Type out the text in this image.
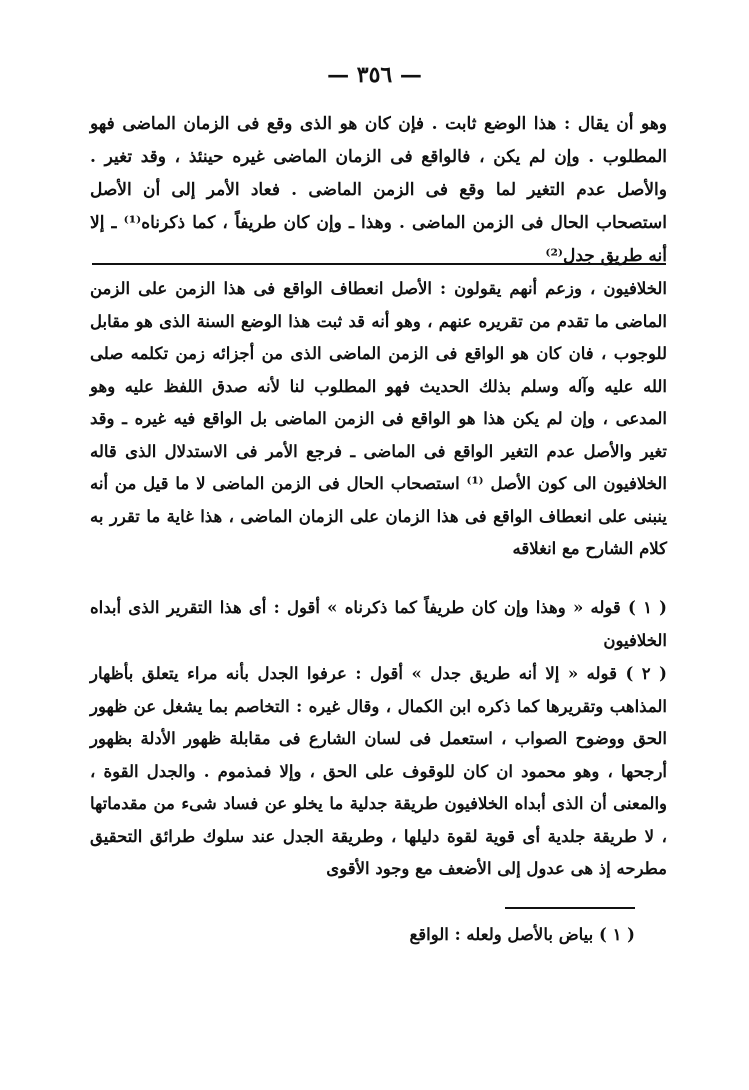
— ٣٥٦ —

وهو أن يقال : هذا الوضع ثابت . فإن كان هو الذى وقع فى الزمان الماضى فهو المطلوب . وإن لم يكن ، فالواقع فى الزمان الماضى غيره حينئذ ، وقد تغير . والأصل عدم التغير لما وقع فى الزمن الماضى . فعاد الأمر إلى أن الأصل استصحاب الحال فى الزمن الماضى . وهذا ـ وإن كان طريفاً ، كما ذكرناه⁽¹⁾ ـ إلا أنه طريق جدل⁽²⁾

الخلافيون ، وزعم أنهم يقولون : الأصل انعطاف الواقع فى هذا الزمن على الزمن الماضى ما تقدم من تقريره عنهم ، وهو أنه قد ثبت هذا الوضع السنة الذى هو مقابل للوجوب ، فان كان هو الواقع فى الزمن الماضى الذى من أجزائه زمن تكلمه صلى الله عليه وآله وسلم بذلك الحديث فهو المطلوب لنا لأنه صدق اللفظ عليه وهو المدعى ، وإن لم يكن هذا هو الواقع فى الزمن الماضى بل الواقع فيه غيره ـ وقد تغير والأصل عدم التغير الواقع فى الماضى ـ فرجع الأمر فى الاستدلال الذى قاله الخلافيون الى كون الأصل ⁽¹⁾ استصحاب الحال فى الزمن الماضى لا ما قيل من أنه ينبنى على انعطاف الواقع فى هذا الزمان على الزمان الماضى ، هذا غاية ما تقرر به كلام الشارح مع انغلاقه

( ١ ) قوله « وهذا وإن كان طريفاً كما ذكرناه » أقول : أى هذا التقرير الذى أبداه الخلافيون

( ٢ ) قوله « إلا أنه طريق جدل » أقول : عرفوا الجدل بأنه مراء يتعلق بأظهار المذاهب وتقريرها كما ذكره ابن الكمال ، وقال غيره : التخاصم بما يشغل عن ظهور الحق ووضوح الصواب ، استعمل فى لسان الشارع فى مقابلة ظهور الأدلة بظهور أرجحها ، وهو محمود ان كان للوقوف على الحق ، وإلا فمذموم . والجدل القوة ، والمعنى أن الذى أبداه الخلافيون طريقة جدلية ما يخلو عن فساد شىء من مقدماتها ، لا طريقة جلدية أى قوية لقوة دليلها ، وطريقة الجدل عند سلوك طرائق التحقيق مطرحه إذ هى عدول إلى الأضعف مع وجود الأقوى

( ١ ) بياض بالأصل ولعله : الواقع
